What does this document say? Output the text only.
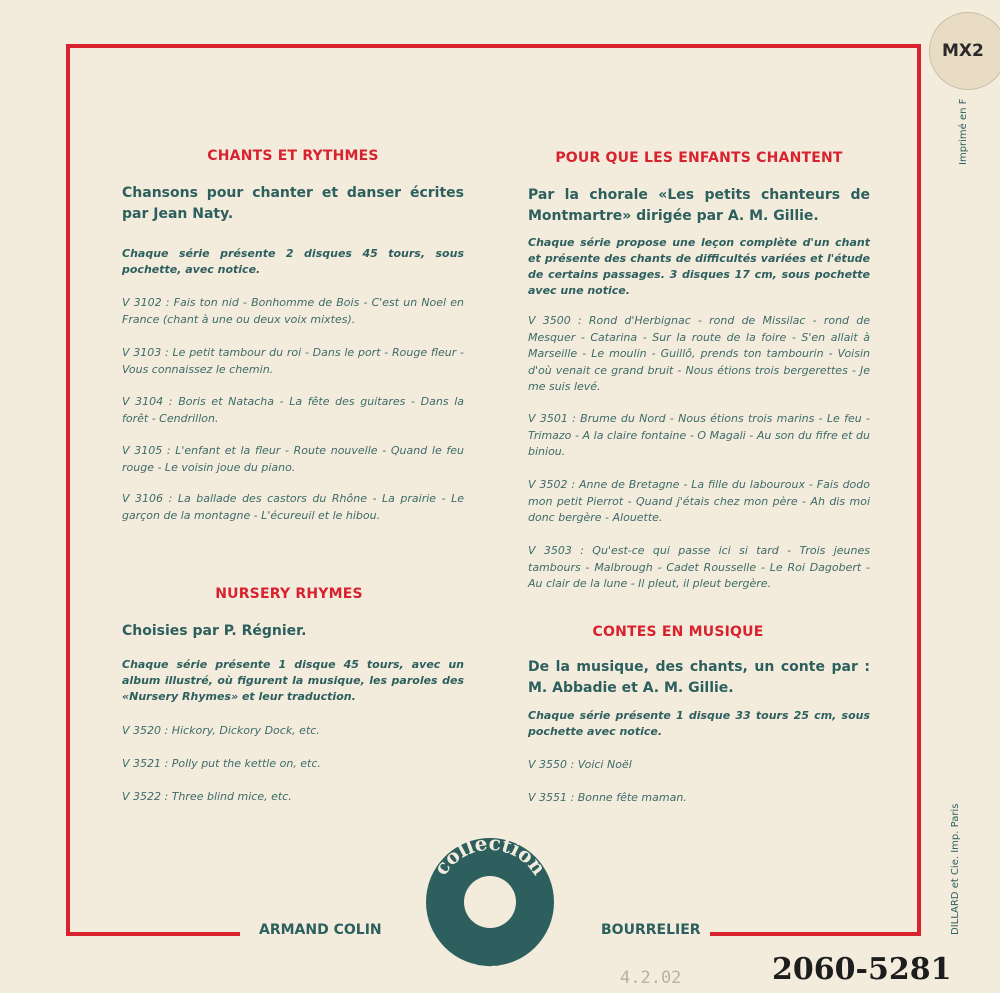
MX2
Imprimé en F
DILLARD et Cie. Imp. Paris
CHANTS ET RYTHMES
Chansons pour chanter et danser écrites par Jean Naty.
Chaque série présente 2 disques 45 tours, sous pochette, avec notice.
V 3102 : Fais ton nid - Bonhomme de Bois - C'est un Noel en France (chant à une ou deux voix mixtes).
V 3103 : Le petit tambour du roi - Dans le port - Rouge fleur - Vous connaissez le chemin.
V 3104 : Boris et Natacha - La fête des guitares - Dans la forêt - Cendrillon.
V 3105 : L'enfant et la fleur - Route nouvelle - Quand le feu rouge - Le voisin joue du piano.
V 3106 : La ballade des castors du Rhône - La prairie - Le garçon de la montagne - L'écureuil et le hibou.
NURSERY RHYMES
Choisies par P. Régnier.
Chaque série présente 1 disque 45 tours, avec un album illustré, où figurent la musique, les paroles des «Nursery Rhymes» et leur traduction.
V 3520 : Hickory, Dickory Dock, etc.
V 3521 : Polly put the kettle on, etc.
V 3522 : Three blind mice, etc.
POUR QUE LES ENFANTS CHANTENT
Par la chorale «Les petits chanteurs de Montmartre» dirigée par A. M. Gillie.
Chaque série propose une leçon complète d'un chant et présente des chants de difficultés variées et l'étude de certains passages. 3 disques 17 cm, sous pochette avec une notice.
V 3500 : Rond d'Herbignac - rond de Missilac - rond de Mesquer - Catarina - Sur la route de la foire - S'en allait à Marseille - Le moulin - Guillô, prends ton tambourin - Voisin d'où venait ce grand bruit - Nous étions trois bergerettes - Je me suis levé.
V 3501 : Brume du Nord - Nous étions trois marins - Le feu - Trimazo - A la claire fontaine - O Magali - Au son du fifre et du biniou.
V 3502 : Anne de Bretagne - La fille du labouroux - Fais dodo mon petit Pierrot - Quand j'étais chez mon père - Ah dis moi donc bergère - Alouette.
V 3503 : Qu'est-ce qui passe ici si tard - Trois jeunes tambours - Malbrough - Cadet Rousselle - Le Roi Dagobert - Au clair de la lune - Il pleut, il pleut bergère.
CONTES EN MUSIQUE
De la musique, des chants, un conte par : M. Abbadie et A. M. Gillie.
Chaque série présente 1 disque 33 tours 25 cm, sous pochette avec notice.
V 3550 : Voici Noël
V 3551 : Bonne fête maman.
ARMAND COLIN	BOURRELIER
collection
sonore
4.2.02	2060-5281
